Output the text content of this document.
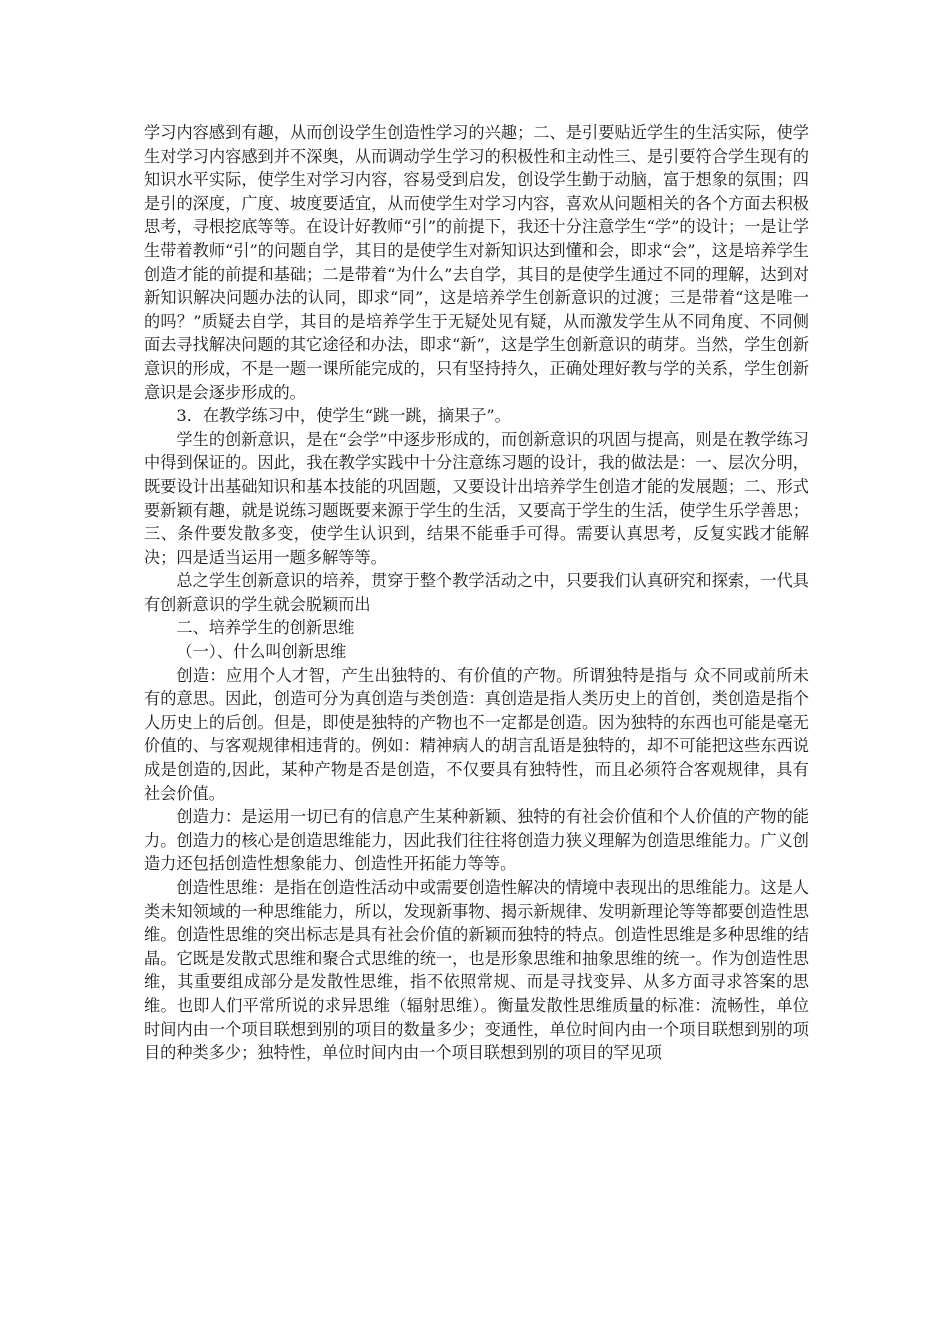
学习内容感到有趣，从而创设学生创造性学习的兴趣；二、是引要贴近学生的生活实际，使学生对学习内容感到并不深奥，从而调动学生学习的积极性和主动性三、是引要符合学生现有的知识水平实际，使学生对学习内容，容易受到启发，创设学生勤于动脑，富于想象的氛围；四是引的深度，广度、坡度要适宜，从而使学生对学习内容，喜欢从问题相关的各个方面去积极思考，寻根挖底等等。在设计好教师“引”的前提下，我还十分注意学生“学”的设计；一是让学生带着教师“引”的问题自学，其目的是使学生对新知识达到懂和会，即求“会”，这是培养学生创造才能的前提和基础；二是带着“为什么”去自学，其目的是使学生通过不同的理解，达到对新知识解决问题办法的认同，即求“同”，这是培养学生创新意识的过渡；三是带着“这是唯一的吗？”质疑去自学，其目的是培养学生于无疑处见有疑，从而激发学生从不同角度、不同侧面去寻找解决问题的其它途径和办法，即求“新”，这是学生创新意识的萌芽。当然，学生创新意识的形成，不是一题一课所能完成的，只有坚持持久，正确处理好教与学的关系，学生创新意识是会逐步形成的。

3．在教学练习中，使学生“跳一跳，摘果子”。

学生的创新意识，是在“会学”中逐步形成的，而创新意识的巩固与提高，则是在教学练习中得到保证的。因此，我在教学实践中十分注意练习题的设计，我的做法是：一、层次分明，既要设计出基础知识和基本技能的巩固题，又要设计出培养学生创造才能的发展题；二、形式要新颖有趣，就是说练习题既要来源于学生的生活，又要高于学生的生活，使学生乐学善思；三、条件要发散多变，使学生认识到，结果不能垂手可得。需要认真思考，反复实践才能解决；四是适当运用一题多解等等。

总之学生创新意识的培养，贯穿于整个教学活动之中，只要我们认真研究和探索，一代具有创新意识的学生就会脱颖而出

二、培养学生的创新思维

（一）、什么叫创新思维

创造：应用个人才智，产生出独特的、有价值的产物。所谓独特是指与 众不同或前所未有的意思。因此，创造可分为真创造与类创造：真创造是指人类历史上的首创，类创造是指个人历史上的后创。但是，即使是独特的产物也不一定都是创造。因为独特的东西也可能是毫无价值的、与客观规律相违背的。例如：精神病人的胡言乱语是独特的，却不可能把这些东西说成是创造的,因此，某种产物是否是创造，不仅要具有独特性，而且必须符合客观规律，具有社会价值。

创造力：是运用一切已有的信息产生某种新颖、独特的有社会价值和个人价值的产物的能力。创造力的核心是创造思维能力，因此我们往往将创造力狭义理解为创造思维能力。广义创造力还包括创造性想象能力、创造性开拓能力等等。

创造性思维：是指在创造性活动中或需要创造性解决的情境中表现出的思维能力。这是人类未知领域的一种思维能力，所以，发现新事物、揭示新规律、发明新理论等等都要创造性思维。创造性思维的突出标志是具有社会价值的新颖而独特的特点。创造性思维是多种思维的结晶。它既是发散式思维和聚合式思维的统一，也是形象思维和抽象思维的统一。作为创造性思维，其重要组成部分是发散性思维，指不依照常规、而是寻找变异、从多方面寻求答案的思维。也即人们平常所说的求异思维（辐射思维）。衡量发散性思维质量的标准：流畅性，单位时间内由一个项目联想到别的项目的数量多少；变通性，单位时间内由一个项目联想到别的项目的种类多少；独特性，单位时间内由一个项目联想到别的项目的罕见项
